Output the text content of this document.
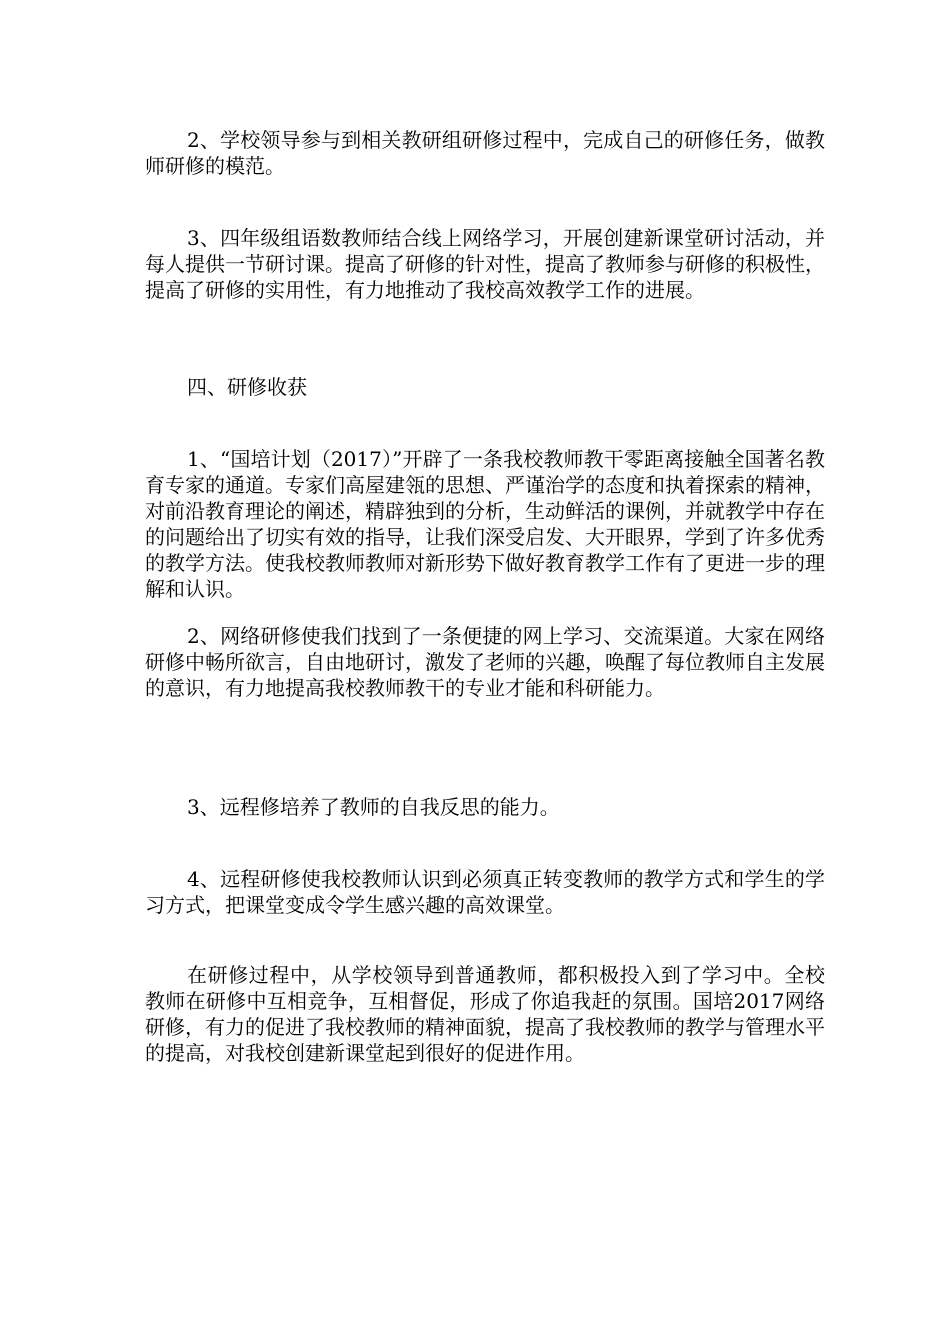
2、学校领导参与到相关教研组研修过程中，完成自己的研修任务，做教师研修的模范。

3、四年级组语数教师结合线上网络学习，开展创建新课堂研讨活动，并每人提供一节研讨课。提高了研修的针对性，提高了教师参与研修的积极性，提高了研修的实用性，有力地推动了我校高效教学工作的进展。

四、研修收获

1、“国培计划（2017）”开辟了一条我校教师教干零距离接触全国著名教育专家的通道。专家们高屋建瓴的思想、严谨治学的态度和执着探索的精神，对前沿教育理论的阐述，精辟独到的分析，生动鲜活的课例，并就教学中存在的问题给出了切实有效的指导，让我们深受启发、大开眼界，学到了许多优秀的教学方法。使我校教师教师对新形势下做好教育教学工作有了更进一步的理解和认识。

2、网络研修使我们找到了一条便捷的网上学习、交流渠道。大家在网络研修中畅所欲言，自由地研讨，激发了老师的兴趣，唤醒了每位教师自主发展的意识，有力地提高我校教师教干的专业才能和科研能力。

3、远程修培养了教师的自我反思的能力。

4、远程研修使我校教师认识到必须真正转变教师的教学方式和学生的学习方式，把课堂变成令学生感兴趣的高效课堂。

在研修过程中，从学校领导到普通教师，都积极投入到了学习中。全校教师在研修中互相竞争，互相督促，形成了你追我赶的氛围。国培2017网络研修，有力的促进了我校教师的精神面貌，提高了我校教师的教学与管理水平的提高，对我校创建新课堂起到很好的促进作用。
